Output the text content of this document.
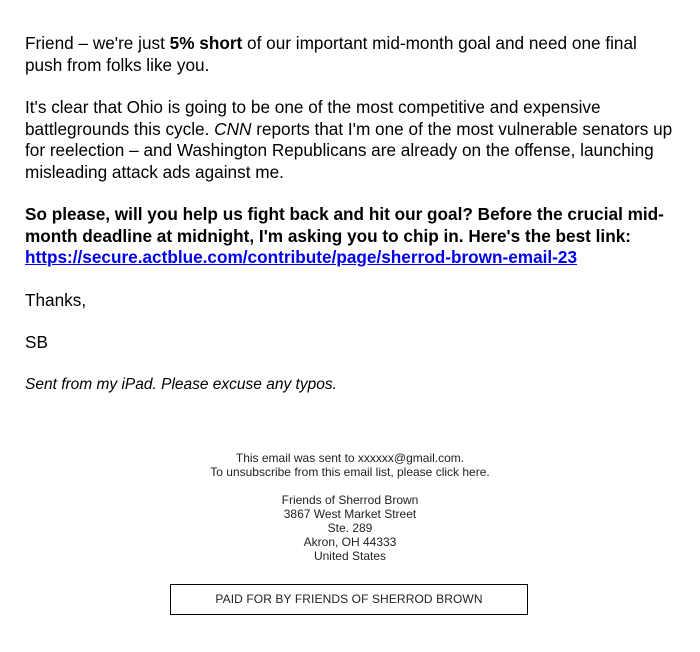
Friend – we're just 5% short of our important mid-month goal and need one final push from folks like you.

It's clear that Ohio is going to be one of the most competitive and expensive battlegrounds this cycle. CNN reports that I'm one of the most vulnerable senators up for reelection – and Washington Republicans are already on the offense, launching misleading attack ads against me.

So please, will you help us fight back and hit our goal? Before the crucial mid-month deadline at midnight, I'm asking you to chip in. Here's the best link: https://secure.actblue.com/contribute/page/sherrod-brown-email-23

Thanks,

SB

Sent from my iPad. Please excuse any typos.

This email was sent to xxxxxx@gmail.com.
To unsubscribe from this email list, please click here.
Friends of Sherrod Brown
3867 West Market Street
Ste. 289
Akron, OH 44333
United States
PAID FOR BY FRIENDS OF SHERROD BROWN
